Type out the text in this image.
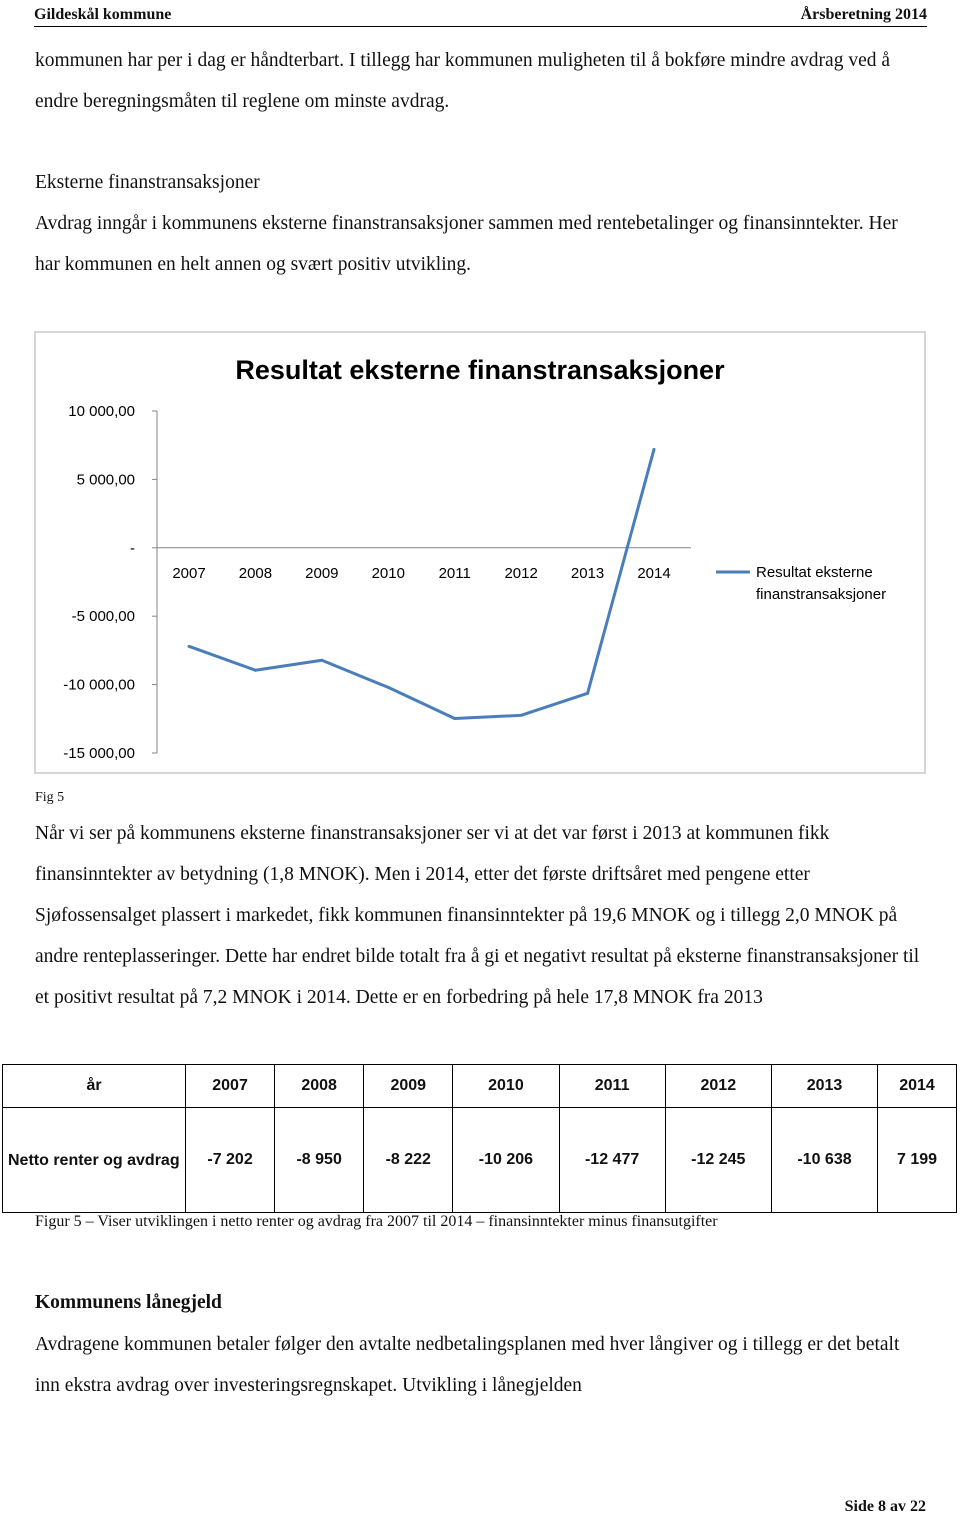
Gildeskål kommune	Årsberetning 2014

kommunen har per i dag er håndterbart. I tillegg har kommunen muligheten til å bokføre mindre avdrag ved å endre beregningsmåten til reglene om minste avdrag.

Eksterne finanstransaksjoner

Avdrag inngår i kommunens eksterne finanstransaksjoner sammen med rentebetalinger og finansinntekter. Her har kommunen en helt annen og svært positiv utvikling.

Resultat eksterne finanstransaksjoner
10 000,00
5 000,00
-
-5 000,00
-10 000,00
-15 000,00
2007 2008 2009 2010 2011 2012 2013 2014	Resultat eksterne
finanstransaksjoner
Fig 5

Når vi ser på kommunens eksterne finanstransaksjoner ser vi at det var først i 2013 at kommunen fikk finansinntekter av betydning (1,8 MNOK). Men i 2014, etter det første driftsåret med pengene etter Sjøfossensalget plassert i markedet, fikk kommunen finansinntekter på 19,6 MNOK og i tillegg 2,0 MNOK på andre renteplasseringer. Dette har endret bilde totalt fra å gi et negativt resultat på eksterne finanstransaksjoner til et positivt resultat på 7,2 MNOK i 2014. Dette er en forbedring på hele 17,8 MNOK fra 2013

år	2007	2008	2009	2010	2011	2012	2013	2014
Netto renter og avdrag	-7 202	-8 950	-8 222	-10 206	-12 477	-12 245	-10 638	7 199
Figur 5 – Viser utviklingen i netto renter og avdrag fra 2007 til 2014 – finansinntekter minus finansutgifter
Kommunens lånegjeld

Avdragene kommunen betaler følger den avtalte nedbetalingsplanen med hver långiver og i tillegg er det betalt inn ekstra avdrag over investeringsregnskapet. Utvikling i lånegjelden

Side 8 av 22
